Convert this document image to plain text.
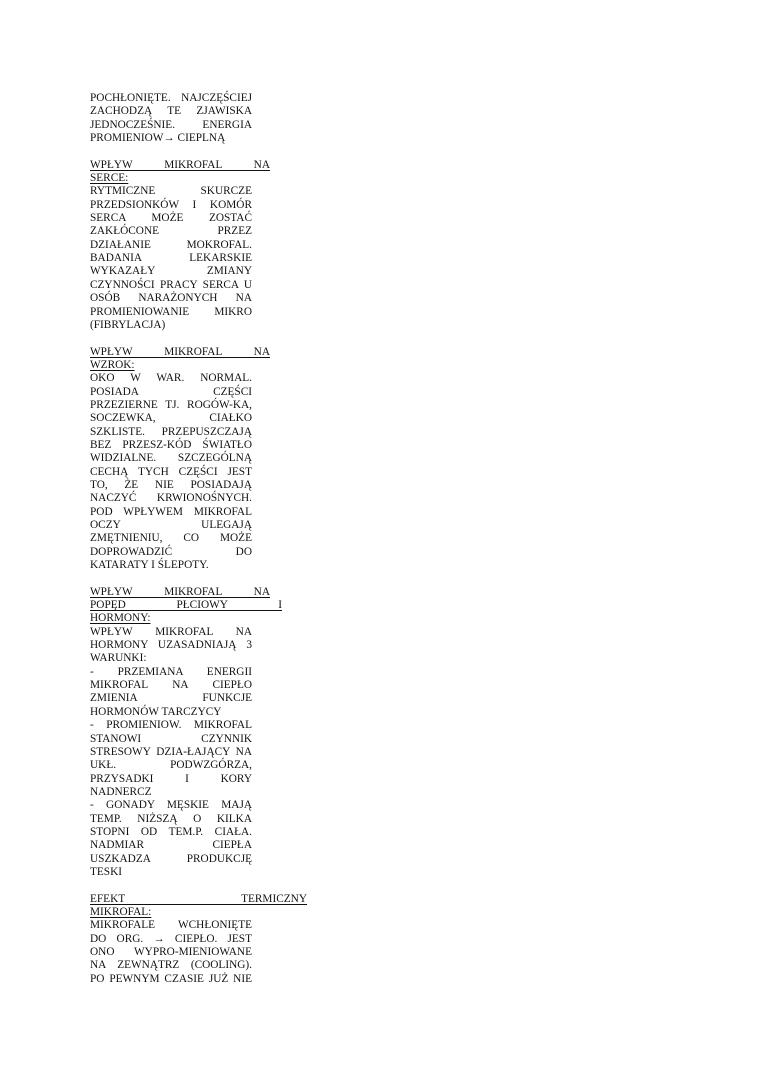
POCHŁONIĘTE. NAJCZĘŚCIEJ
ZACHODZĄ TE ZJAWISKA
JEDNOCZEŚNIE. ENERGIA
PROMIENIOW→ CIEPLNĄ
WPŁYW MIKROFAL NA
SERCE:
RYTMICZNE SKURCZE
PRZEDSIONKÓW I KOMÓR
SERCA MOŻE ZOSTAĆ
ZAKŁÓCONE PRZEZ
DZIAŁANIE MOKROFAL.
BADANIA LEKARSKIE
WYKAZAŁY ZMIANY
CZYNNOŚCI PRACY SERCA U
OSÓB NARAŻONYCH NA
PROMIENIOWANIE MIKRO
(FIBRYLACJA)
WPŁYW MIKROFAL NA
WZROK:
OKO W WAR. NORMAL.
POSIADA CZĘŚCI
PRZEZIERNE TJ. ROGÓW-KA,
SOCZEWKA, CIAŁKO
SZKLISTE. PRZEPUSZCZAJĄ
BEZ PRZESZ-KÓD ŚWIATŁO
WIDZIALNE. SZCZEGÓLNĄ
CECHĄ TYCH CZĘŚCI JEST
TO, ŻE NIE POSIADAJĄ
NACZYĆ KRWIONOŚNYCH.
POD WPŁYWEM MIKROFAL
OCZY ULEGAJĄ
ZMĘTNIENIU, CO MOŻE
DOPROWADZIĆ DO
KATARATY I ŚLEPOTY.
WPŁYW MIKROFAL NA
POPĘD PŁCIOWY I
HORMONY:
WPŁYW MIKROFAL NA
HORMONY UZASADNIAJĄ 3
WARUNKI:
- PRZEMIANA ENERGII
MIKROFAL NA CIEPŁO
ZMIENIA FUNKCJE
HORMONÓW TARCZYCY
- PROMIENIOW. MIKROFAL
STANOWI CZYNNIK
STRESOWY DZIA-ŁAJĄCY NA
UKŁ. PODWZGÓRZA,
PRZYSADKI I KORY
NADNERCZ
- GONADY MĘSKIE MAJĄ
TEMP. NIŻSZĄ O KILKA
STOPNI OD TEM.P. CIAŁA.
NADMIAR CIEPŁA
USZKADZA PRODUKCJĘ
TESKI
EFEKT TERMICZNY
MIKROFAL:
MIKROFALE WCHŁONIĘTE
DO ORG. → CIEPŁO. JEST
ONO WYPRO-MIENIOWANE
NA ZEWNĄTRZ (COOLING).
PO PEWNYM CZASIE JUŻ NIE
